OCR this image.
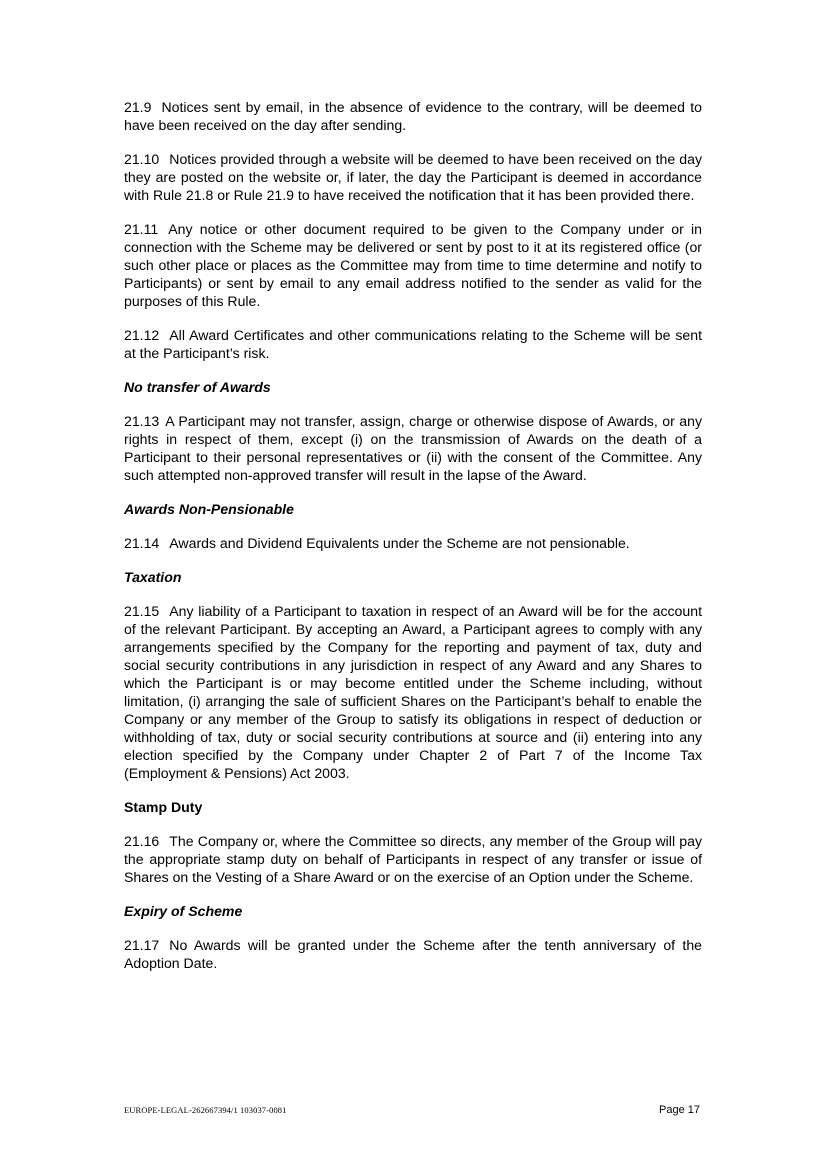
21.9 Notices sent by email, in the absence of evidence to the contrary, will be deemed to have been received on the day after sending.

21.10 Notices provided through a website will be deemed to have been received on the day they are posted on the website or, if later, the day the Participant is deemed in accordance with Rule 21.8 or Rule 21.9 to have received the notification that it has been provided there.

21.11 Any notice or other document required to be given to the Company under or in connection with the Scheme may be delivered or sent by post to it at its registered office (or such other place or places as the Committee may from time to time determine and notify to Participants) or sent by email to any email address notified to the sender as valid for the purposes of this Rule.

21.12 All Award Certificates and other communications relating to the Scheme will be sent at the Participant’s risk.

No transfer of Awards

21.13 A Participant may not transfer, assign, charge or otherwise dispose of Awards, or any rights in respect of them, except (i) on the transmission of Awards on the death of a Participant to their personal representatives or (ii) with the consent of the Committee. Any such attempted non-approved transfer will result in the lapse of the Award.

Awards Non-Pensionable

21.14 Awards and Dividend Equivalents under the Scheme are not pensionable.

Taxation

21.15 Any liability of a Participant to taxation in respect of an Award will be for the account of the relevant Participant. By accepting an Award, a Participant agrees to comply with any arrangements specified by the Company for the reporting and payment of tax, duty and social security contributions in any jurisdiction in respect of any Award and any Shares to which the Participant is or may become entitled under the Scheme including, without limitation, (i) arranging the sale of sufficient Shares on the Participant’s behalf to enable the Company or any member of the Group to satisfy its obligations in respect of deduction or withholding of tax, duty or social security contributions at source and (ii) entering into any election specified by the Company under Chapter 2 of Part 7 of the Income Tax (Employment & Pensions) Act 2003.

Stamp Duty

21.16 The Company or, where the Committee so directs, any member of the Group will pay the appropriate stamp duty on behalf of Participants in respect of any transfer or issue of Shares on the Vesting of a Share Award or on the exercise of an Option under the Scheme.

Expiry of Scheme

21.17 No Awards will be granted under the Scheme after the tenth anniversary of the Adoption Date.

EUROPE-LEGAL-262667394/1 103037-0081	Page 17
